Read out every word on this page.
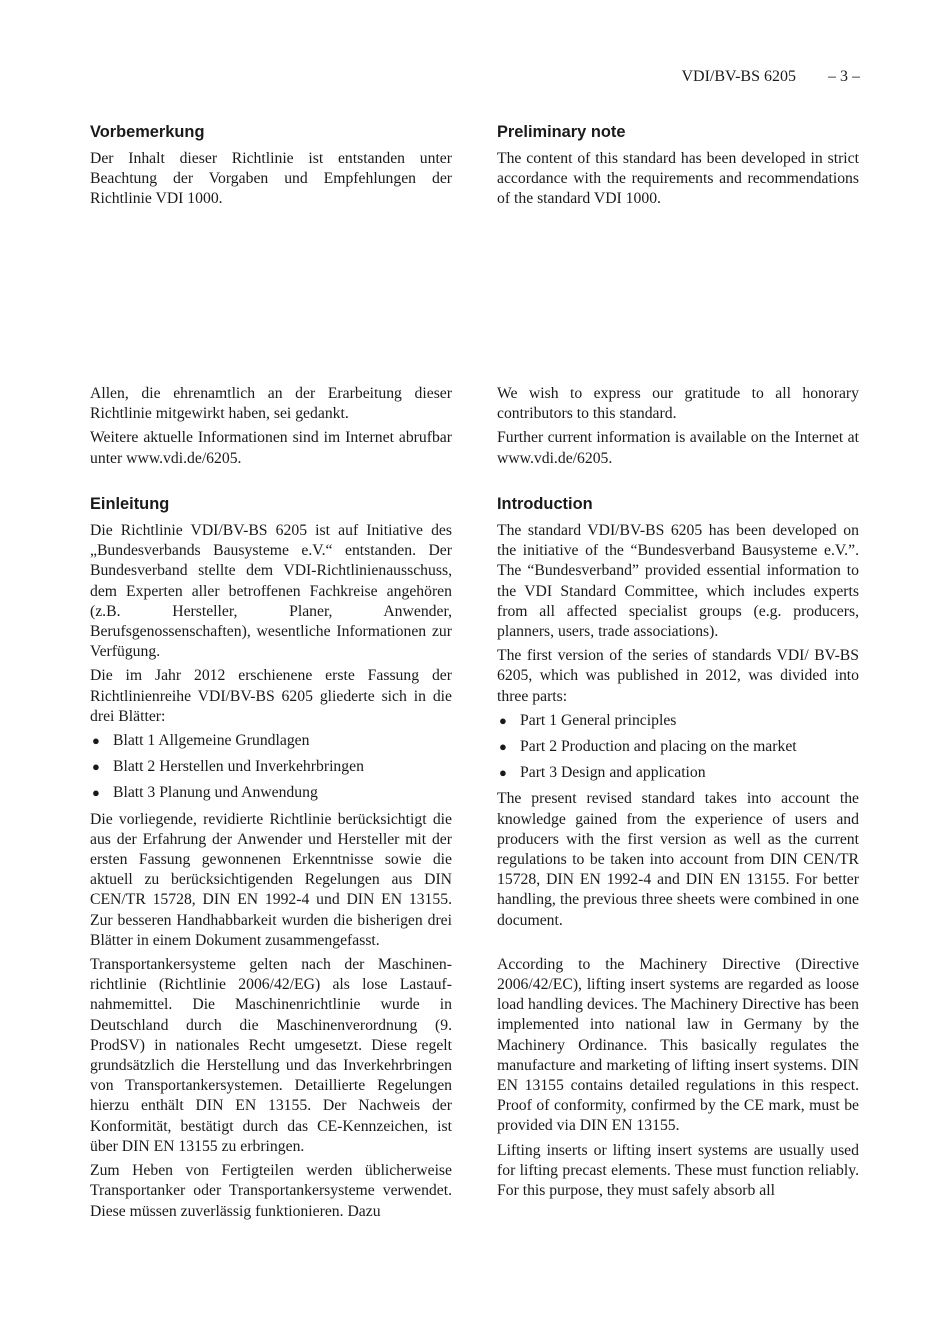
VDI/BV-BS 6205 – 3 –
Vorbemerkung

Der Inhalt dieser Richtlinie ist entstanden unter Beachtung der Vorgaben und Empfehlungen der Richtlinie VDI 1000.

Allen, die ehrenamtlich an der Erarbeitung dieser Richtlinie mitgewirkt haben, sei gedankt.

Weitere aktuelle Informationen sind im Internet abrufbar unter www.vdi.de/6205.

Einleitung

Die Richtlinie VDI/BV-BS 6205 ist auf Initiative des „Bundesverbands Bausysteme e.V.“ entstanden. Der Bundesverband stellte dem VDI-Richtlinienausschuss, dem Experten aller betroffenen Fachkreise angehören (z.B. Hersteller, Planer, Anwender, Berufsgenossenschaften), wesentliche Informationen zur Verfügung.

Die im Jahr 2012 erschienene erste Fassung der Richtlinienreihe VDI/BV-BS 6205 gliederte sich in die drei Blätter:

● Blatt 1 Allgemeine Grundlagen
● Blatt 2 Herstellen und Inverkehrbringen
● Blatt 3 Planung und Anwendung

Die vorliegende, revidierte Richtlinie berücksichtigt die aus der Erfahrung der Anwender und Hersteller mit der ersten Fassung gewonnenen Erkenntnisse sowie die aktuell zu berücksichtigenden Regelungen aus DIN CEN/TR 15728, DIN EN 1992-4 und DIN EN 13155. Zur besseren Handhabbarkeit wurden die bisherigen drei Blätter in einem Dokument zusammengefasst.

Transportankersysteme gelten nach der Maschinenrichtlinie (Richtlinie 2006/42/EG) als lose Lastaufnahmemittel. Die Maschinenrichtlinie wurde in Deutschland durch die Maschinenverordnung (9. ProdSV) in nationales Recht umgesetzt. Diese regelt grundsätzlich die Herstellung und das Inverkehrbringen von Transportankersystemen. Detaillierte Regelungen hierzu enthält DIN EN 13155. Der Nachweis der Konformität, bestätigt durch das CE-Kennzeichen, ist über DIN EN 13155 zu erbringen.

Zum Heben von Fertigteilen werden üblicherweise Transportanker oder Transportankersysteme verwendet. Diese müssen zuverlässig funktionieren. Dazu

Preliminary note

The content of this standard has been developed in strict accordance with the requirements and recommendations of the standard VDI 1000.

We wish to express our gratitude to all honorary contributors to this standard.

Further current information is available on the Internet at www.vdi.de/6205.

Introduction

The standard VDI/BV-BS 6205 has been developed on the initiative of the “Bundesverband Bausysteme e.V.”. The “Bundesverband” provided essential information to the VDI Standard Committee, which includes experts from all affected specialist groups (e.g. producers, planners, users, trade associations).

The first version of the series of standards VDI/ BV-BS 6205, which was published in 2012, was divided into three parts:

● Part 1 General principles
● Part 2 Production and placing on the market
● Part 3 Design and application

The present revised standard takes into account the knowledge gained from the experience of users and producers with the first version as well as the current regulations to be taken into account from DIN CEN/TR 15728, DIN EN 1992-4 and DIN EN 13155. For better handling, the previous three sheets were combined in one document.

According to the Machinery Directive (Directive 2006/42/EC), lifting insert systems are regarded as loose load handling devices. The Machinery Directive has been implemented into national law in Germany by the Machinery Ordinance. This basically regulates the manufacture and marketing of lifting insert systems. DIN EN 13155 contains detailed regulations in this respect. Proof of conformity, confirmed by the CE mark, must be provided via DIN EN 13155.

Lifting inserts or lifting insert systems are usually used for lifting precast elements. These must function reliably. For this purpose, they must safely absorb all
